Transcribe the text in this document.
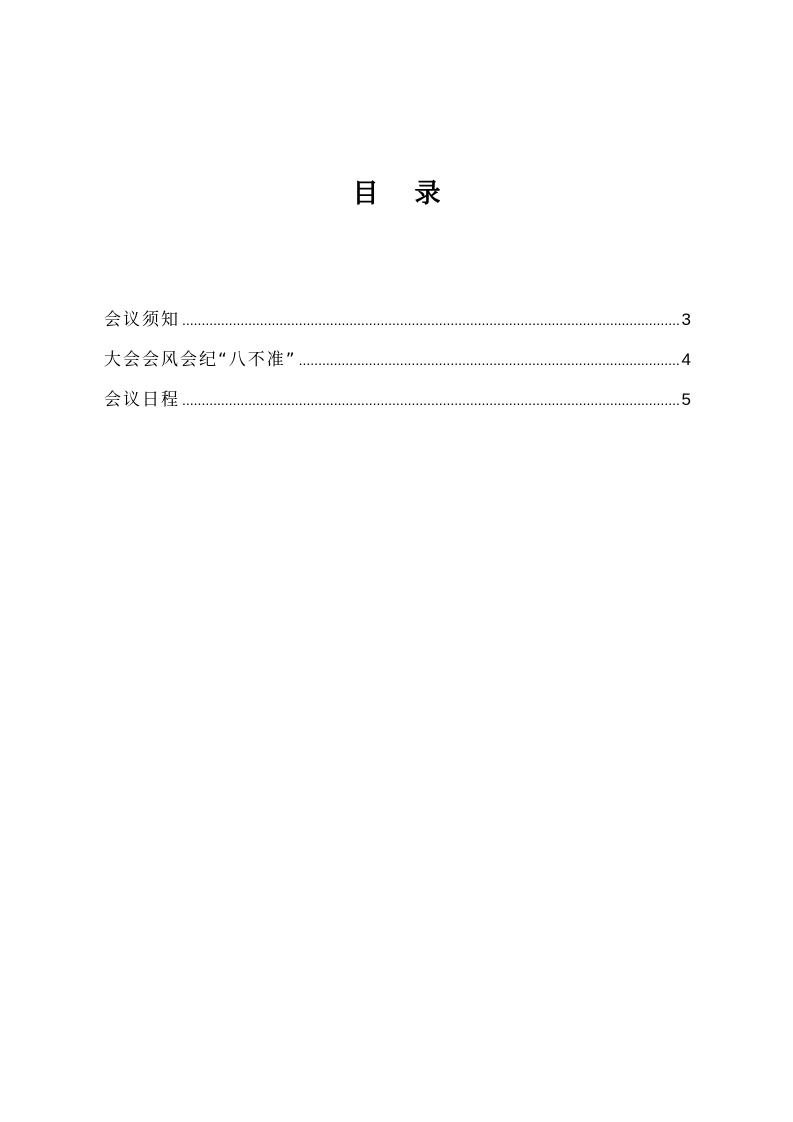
目 录
会议须知 .....	3
大会会风会纪“八不准” .....	4
会议日程 .....	5
